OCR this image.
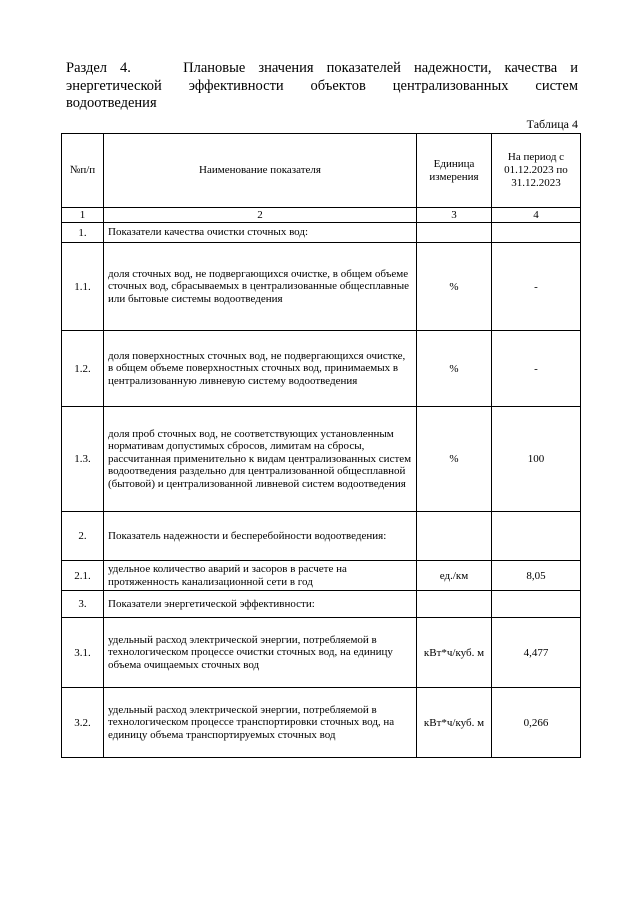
Раздел 4.    Плановые значения показателей надежности, качества и энергетической эффективности объектов централизованных систем водоотведения
Таблица 4
№п/п	Наименование показателя	Единица измерения	На период с 01.12.2023 по 31.12.2023
1	2	3	4
1.	Показатели качества очистки сточных вод:		
1.1.	доля сточных вод, не подвергающихся очистке, в общем объеме сточных вод, сбрасываемых в централизованные общесплавные или бытовые системы водоотведения	%	-
1.2.	доля поверхностных сточных вод, не подвергающихся очистке, в общем объеме поверхностных сточных вод, принимаемых в централизованную ливневую систему водоотведения	%	-
1.3.	доля проб сточных вод, не соответствующих установленным нормативам допустимых сбросов, лимитам на сбросы, рассчитанная применительно к видам централизованных систем водоотведения раздельно для централизованной общесплавной (бытовой) и централизованной ливневой систем водоотведения	%	100
2.	Показатель надежности и бесперебойности водоотведения:		
2.1.	удельное количество аварий и засоров в расчете на протяженность канализационной сети в год	ед./км	8,05
3.	Показатели энергетической эффективности:		
3.1.	удельный расход электрической энергии, потребляемой в технологическом процессе очистки сточных вод, на единицу объема очищаемых сточных вод	кВт*ч/куб. м	4,477
3.2.	удельный расход электрической энергии, потребляемой в технологическом процессе транспортировки сточных вод, на единицу объема транспортируемых сточных вод	кВт*ч/куб. м	0,266
